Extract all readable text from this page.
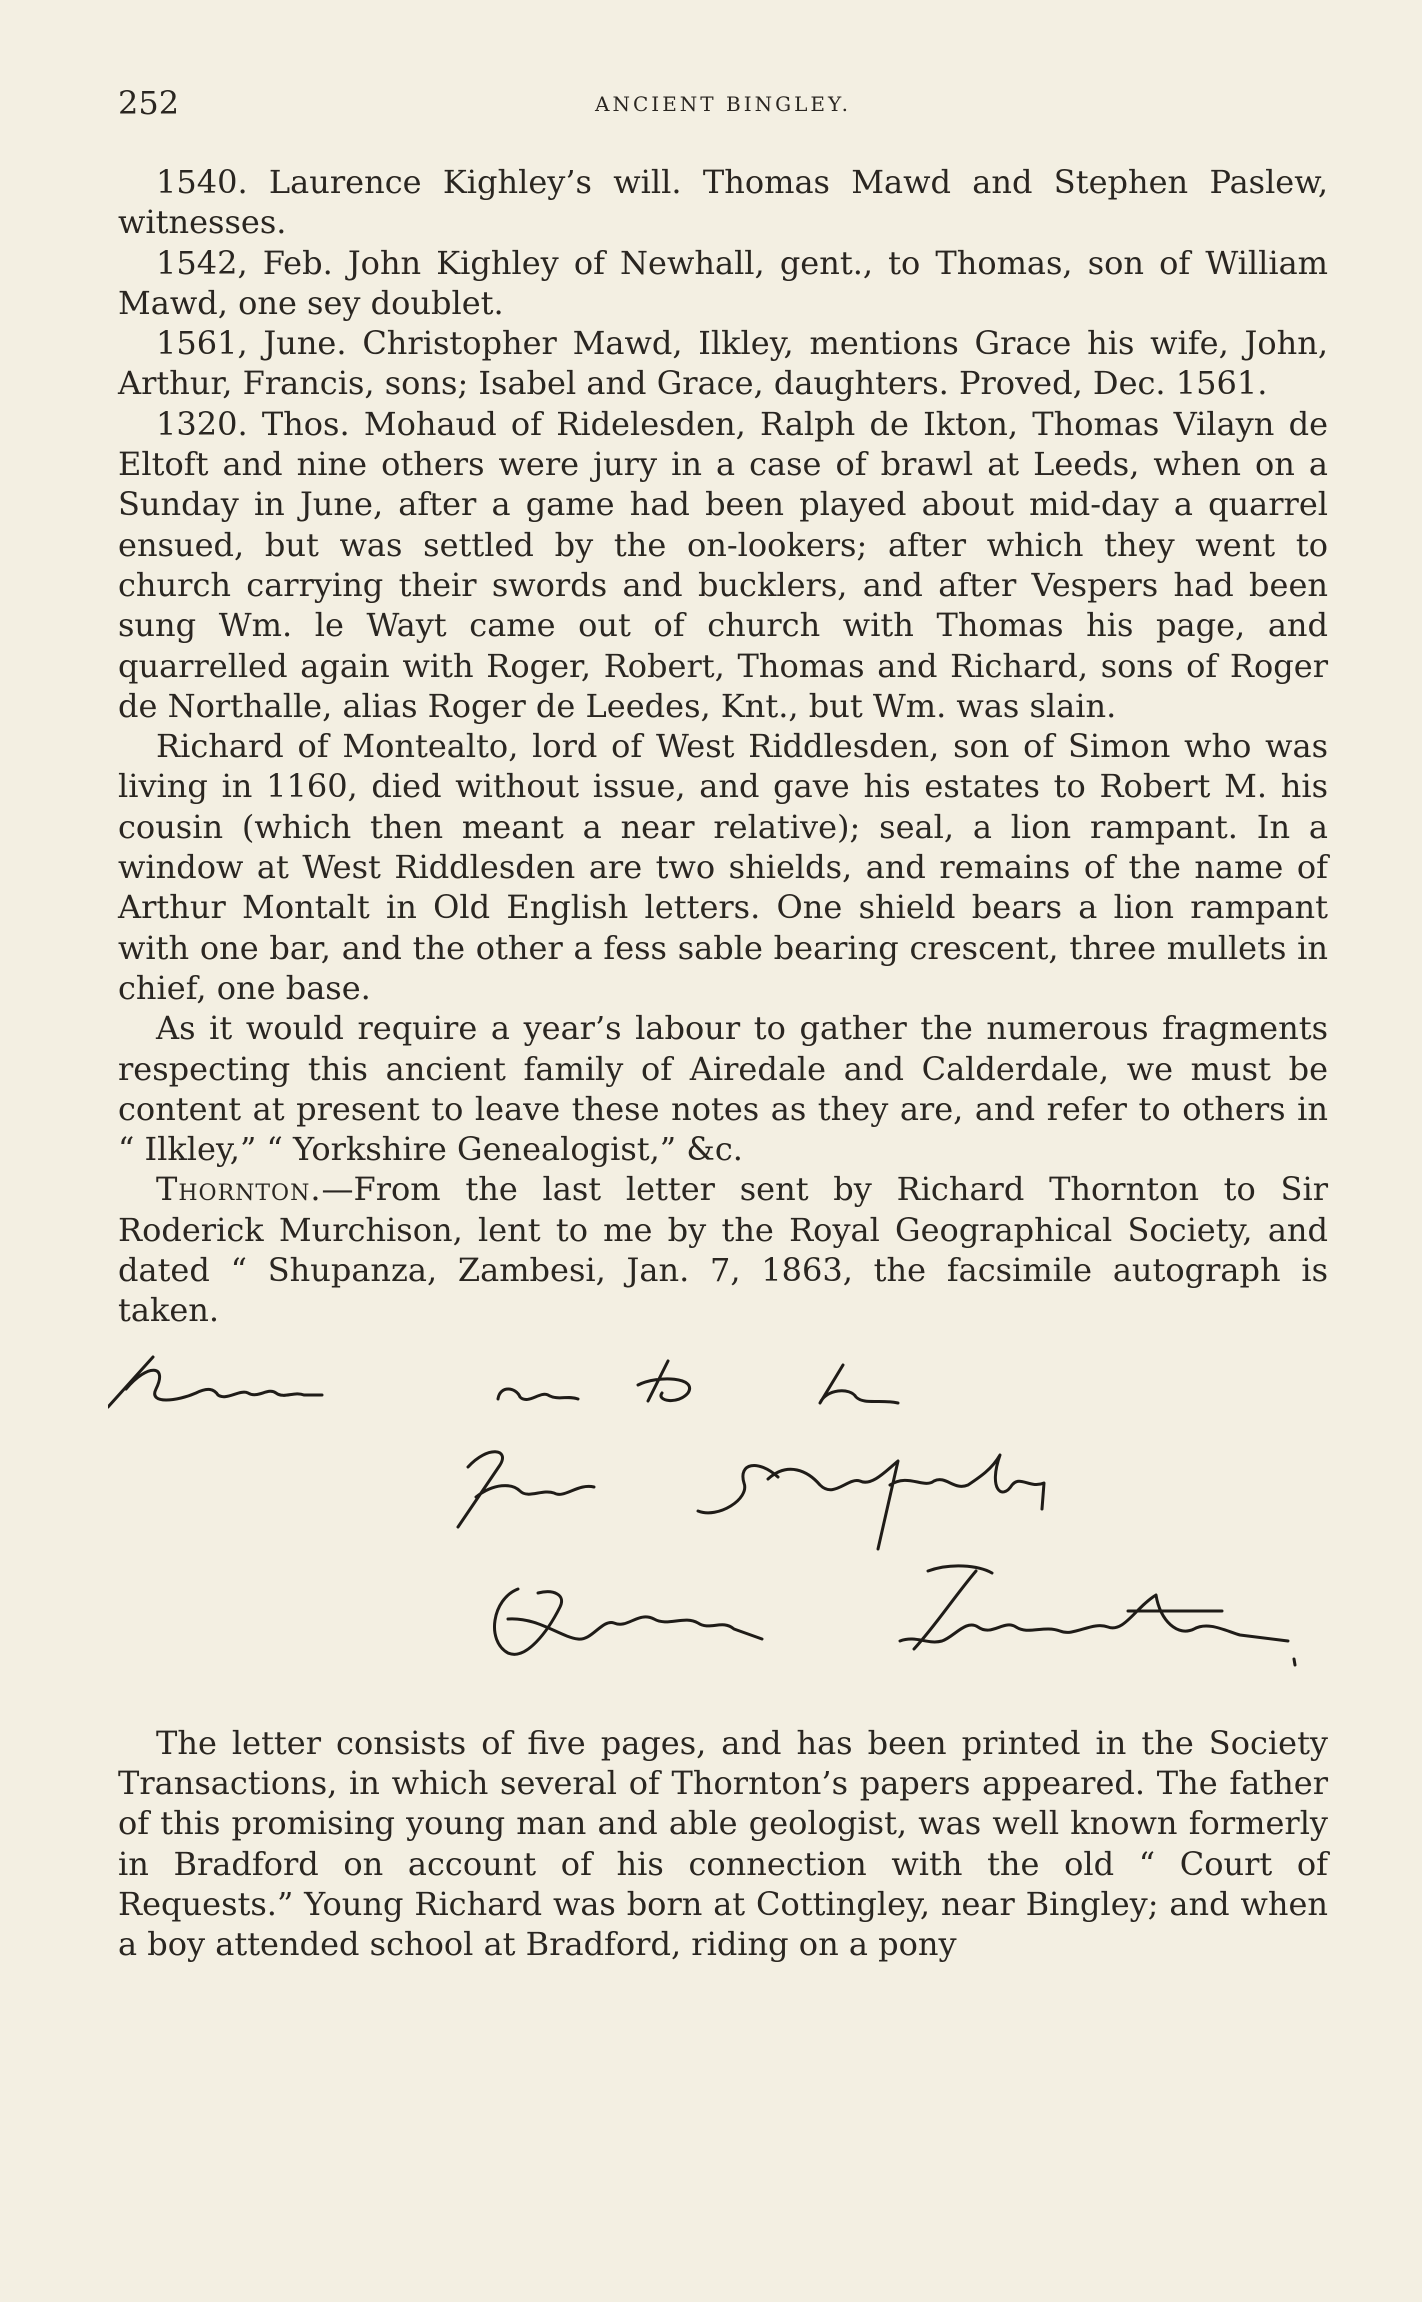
252	ANCIENT BINGLEY.

1540. Laurence Kighley’s will. Thomas Mawd and Stephen Paslew, witnesses.

1542, Feb. John Kighley of Newhall, gent., to Thomas, son of William Mawd, one sey doublet.

1561, June. Christopher Mawd, Ilkley, mentions Grace his wife, John, Arthur, Francis, sons; Isabel and Grace, daughters. Proved, Dec. 1561.

1320. Thos. Mohaud of Ridelesden, Ralph de Ikton, Thomas Vilayn de Eltoft and nine others were jury in a case of brawl at Leeds, when on a Sunday in June, after a game had been played about mid-day a quarrel ensued, but was settled by the on-lookers; after which they went to church carrying their swords and bucklers, and after Vespers had been sung Wm. le Wayt came out of church with Thomas his page, and quarrelled again with Roger, Robert, Thomas and Richard, sons of Roger de Northalle, alias Roger de Leedes, Knt., but Wm. was slain.

Richard of Montealto, lord of West Riddlesden, son of Simon who was living in 1160, died without issue, and gave his estates to Robert M. his cousin (which then meant a near relative); seal, a lion rampant. In a window at West Riddlesden are two shields, and remains of the name of Arthur Montalt in Old English letters. One shield bears a lion rampant with one bar, and the other a fess sable bearing crescent, three mullets in chief, one base.

As it would require a year’s labour to gather the numerous fragments respecting this ancient family of Airedale and Calderdale, we must be content at present to leave these notes as they are, and refer to others in “ Ilkley,” “ Yorkshire Genealogist,” &c.

Thornton.—From the last letter sent by Richard Thornton to Sir Roderick Murchison, lent to me by the Royal Geographical Society, and dated “ Shupanza, Zambesi, Jan. 7, 1863, the facsimile autograph is taken.

The letter consists of five pages, and has been printed in the Society Transactions, in which several of Thornton’s papers appeared. The father of this promising young man and able geologist, was well known formerly in Bradford on account of his connection with the old “ Court of Requests.” Young Richard was born at Cottingley, near Bingley; and when a boy attended school at Bradford, riding on a pony
